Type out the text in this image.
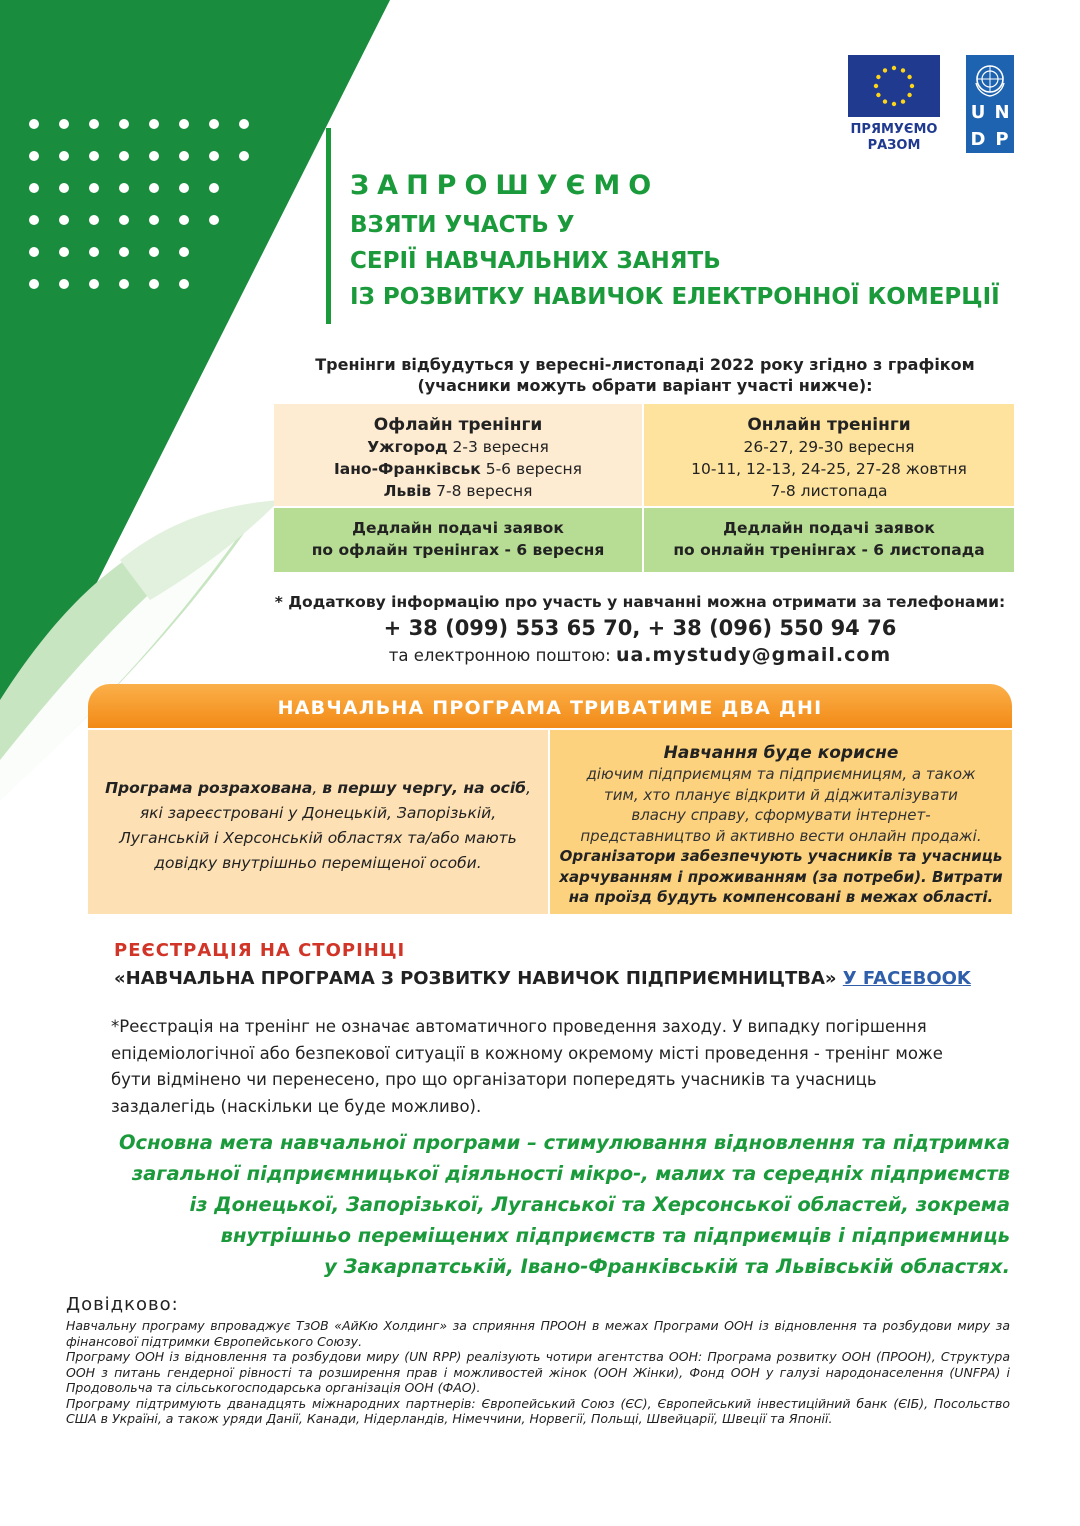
ПРЯМУЄМО
РАЗОМ
U N
D P
ЗАПРОШУЄМО
ВЗЯТИ УЧАСТЬ У
СЕРІЇ НАВЧАЛЬНИХ ЗАНЯТЬ
ІЗ РОЗВИТКУ НАВИЧОК ЕЛЕКТРОННОЇ КОМЕРЦІЇ
Тренінги відбудуться у вересні-листопаді 2022 року згідно з графіком
(учасники можуть обрати варіант участі нижче):
Офлайн тренінги
Ужгород 2-3 вересня
Іано-Франківськ 5-6 вересня
Львів 7-8 вересня
Онлайн тренінги
26-27, 29-30 вересня
10-11, 12-13, 24-25, 27-28 жовтня
7-8 листопада
Дедлайн подачі заявок
по офлайн тренінгах - 6 вересня
Дедлайн подачі заявок
по онлайн тренінгах - 6 листопада
* Додаткову інформацію про участь у навчанні можна отримати за телефонами:
+ 38 (099) 553 65 70, + 38 (096) 550 94 76
та електронною поштою: ua.mystudy@gmail.com
НАВЧАЛЬНА ПРОГРАМА ТРИВАТИМЕ ДВА ДНІ
Програма розрахована, в першу чергу, на осіб,
які зареєстровані у Донецькій, Запорізькій,
Луганській і Херсонській областях та/або мають
довідку внутрішньо переміщеної особи.
Навчання буде корисне
діючим підприємцям та підприємницям, а також
тим, хто планує відкрити й діджиталізувати
власну справу, сформувати інтернет-
представництво й активно вести онлайн продажі.
Організатори забезпечують учасників та учасниць
харчуванням і проживанням (за потреби). Витрати
на проїзд будуть компенсовані в межах області.
РЕЄСТРАЦІЯ НА СТОРІНЦІ
«НАВЧАЛЬНА ПРОГРАМА З РОЗВИТКУ НАВИЧОК ПІДПРИЄМНИЦТВА» У FACEBOOK
*Реєстрація на тренінг не означає автоматичного проведення заходу. У випадку погіршення
епідеміологічної або безпекової ситуації в кожному окремому місті проведення - тренінг може
бути відмінено чи перенесено, про що організатори попередять учасників та учасниць
заздалегідь (наскільки це буде можливо).
Основна мета навчальної програми – стимулювання відновлення та підтримка
загальної підприємницької діяльності мікро-, малих та середніх підприємств
із Донецької, Запорізької, Луганської та Херсонської областей, зокрема
внутрішньо переміщених підприємств та підприємців і підприємниць
у Закарпатській, Івано-Франківській та Львівській областях.
Довідково:

Навчальну програму впроваджує ТзОВ «АйКю Холдинг» за сприяння ПРООН в межах Програми ООН із відновлення та розбудови миру за фінансової підтримки Європейського Союзу.

Програму ООН із відновлення та розбудови миру (UN RPP) реалізують чотири агентства ООН: Програма розвитку ООН (ПРООН), Структура ООН з питань гендерної рівності та розширення прав і можливостей жінок (ООН Жінки), Фонд ООН у галузі народонаселення (UNFPA) і Продовольча та сільськогосподарська організація ООН (ФАО).

Програму підтримують дванадцять міжнародних партнерів: Європейський Союз (ЄС), Європейський інвестиційний банк (ЄІБ), Посольство США в Україні, а також уряди Данії, Канади, Нідерландів, Німеччини, Норвегії, Польщі, Швейцарії, Швеції та Японії.
